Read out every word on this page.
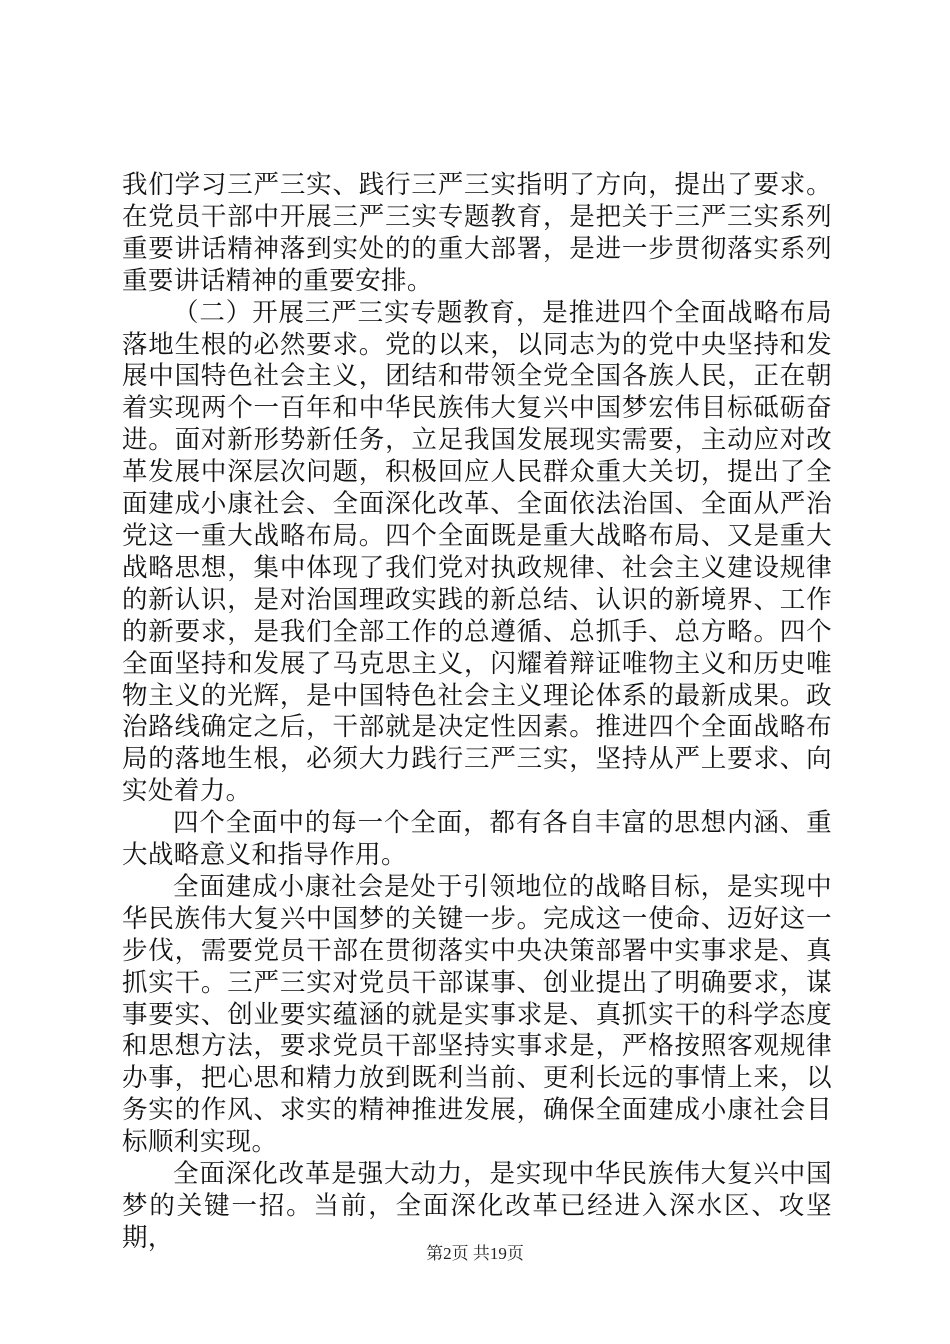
我们学习三严三实、践行三严三实指明了方向，提出了要求。在党员干部中开展三严三实专题教育，是把关于三严三实系列重要讲话精神落到实处的的重大部署，是进一步贯彻落实系列重要讲话精神的重要安排。

（二）开展三严三实专题教育，是推进四个全面战略布局落地生根的必然要求。党的以来，以同志为的党中央坚持和发展中国特色社会主义，团结和带领全党全国各族人民，正在朝着实现两个一百年和中华民族伟大复兴中国梦宏伟目标砥砺奋进。面对新形势新任务，立足我国发展现实需要，主动应对改革发展中深层次问题，积极回应人民群众重大关切，提出了全面建成小康社会、全面深化改革、全面依法治国、全面从严治党这一重大战略布局。四个全面既是重大战略布局、又是重大战略思想，集中体现了我们党对执政规律、社会主义建设规律的新认识，是对治国理政实践的新总结、认识的新境界、工作的新要求，是我们全部工作的总遵循、总抓手、总方略。四个全面坚持和发展了马克思主义，闪耀着辩证唯物主义和历史唯物主义的光辉，是中国特色社会主义理论体系的最新成果。政治路线确定之后，干部就是决定性因素。推进四个全面战略布局的落地生根，必须大力践行三严三实，坚持从严上要求、向实处着力。

四个全面中的每一个全面，都有各自丰富的思想内涵、重大战略意义和指导作用。

全面建成小康社会是处于引领地位的战略目标，是实现中华民族伟大复兴中国梦的关键一步。完成这一使命、迈好这一步伐，需要党员干部在贯彻落实中央决策部署中实事求是、真抓实干。三严三实对党员干部谋事、创业提出了明确要求，谋事要实、创业要实蕴涵的就是实事求是、真抓实干的科学态度和思想方法，要求党员干部坚持实事求是，严格按照客观规律办事，把心思和精力放到既利当前、更利长远的事情上来，以务实的作风、求实的精神推进发展，确保全面建成小康社会目标顺利实现。

全面深化改革是强大动力，是实现中华民族伟大复兴中国梦的关键一招。当前，全面深化改革已经进入深水区、攻坚期，

第2页 共19页
